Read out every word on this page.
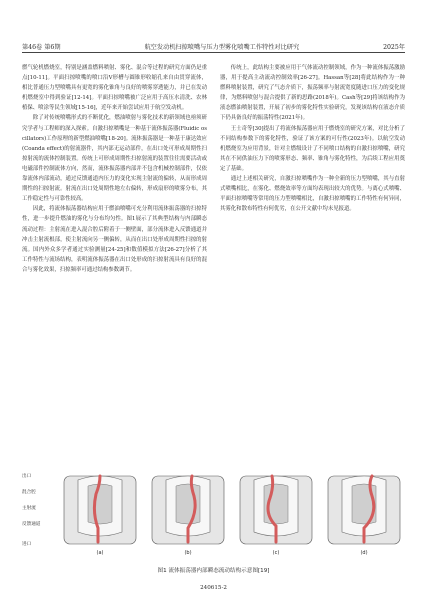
第46卷 第6期	航空发动机扫掠喷嘴与压力型雾化喷嘴工作特性对比研究	2025年

燃气轮机燃烧室，特别是涵盖燃料喷射、雾化、混合等过程的研究方面仍是重点[10-11]。平面扫掠喷嘴的喷口沿V形槽与圆锥形收缩孔来自由贯穿流体，相比普通压力型喷嘴具有更宽的雾化锥角与良好的喷雾穿透能力，并已在发动机燃烧室中得到验证[12-14]。平面扫掠喷嘴被广泛应用于高压水清洗、农林植保、喷涂等民生领域[15-16]，近年来开始尝试应用于航空发动机。

除了对传统喷嘴形式的不断优化，燃油喷射与雾化技术的新领域也亟须研究学者与工程师的深入探索。自激扫掠喷嘴是一种基于流体振荡器(Fluidic oscillators)工作原理的新型燃油喷嘴[18-20]。流体振荡器是一种基于康达效应(Coanda effect)的射流器件，其内部无运动部件，在出口处可形成周期性扫掠射流的流体控制装置。传统上可形成周期性扫掠射流的装置往往需要活动或电磁部件控制流体方向，然而，流体振荡器内部并不包含机械控制部件，仅依靠流体内部流动，通过反馈通道内压力的变化实现主射流的偏转，从而形成周期性的扫掠射流。射流在出口处周期性地左右偏转，形成扇形的喷雾分布，其工作稳定性与可靠性较高。

因此，将流体振荡器结构应用于燃油喷嘴可充分利用流体振荡器的扫掠特性，进一步提升燃油的雾化与分布均匀性。图1展示了其典型结构与内部瞬态流动过程：主射流在进入混合腔后附着于一侧壁面，部分流体进入反馈通道并冲击主射流根部，使主射流向另一侧偏转，从而在出口处形成周期性扫掠的射流。国内外众多学者通过实验测量[24-25]和数值模拟方法[26-27]分析了其工作特性与流场结构，表明流体振荡器在出口处形成的扫掠射流具有良好的混合与雾化效果，扫掠频率可通过结构参数调节。

传统上，此结构主要被应用于气体流动控制领域，作为一种流体振荡激励器，用于提高主动流动控制效率[26-27]。Hassan等[28]将此结构作为一种燃料喷射装置，研究了气态介质下，振荡频率与射流宽度随进口压力的变化规律，为燃料喷射与混合提供了新的思路(2018年)。Cash等[29]将该结构作为液态燃油喷射装置，开展了初步的雾化特性实验研究，发现该结构在液态介质下仍具备良好的振荡特性(2021年)。

王士奇等[30]提出了将流体振荡器应用于燃烧室的研究方案，对比分析了不同结构参数下的雾化特性，验证了该方案的可行性(2023年)。以航空发动机燃烧室为应用背景，针对主燃级设计了不同喷口结构的自激扫掠喷嘴，研究其在不同供油压力下的喷雾形态、频率、锥角与雾化特性，为后续工程应用奠定了基础。

通过上述相关研究，自激扫掠喷嘴作为一种全新的压力型喷嘴，其与直射式喷嘴相比，在雾化、燃烧效率等方面均表现出较大的优势。与离心式喷嘴、平面扫掠喷嘴等常用的压力型喷嘴相比，自激扫掠喷嘴的工作特性有何异同，其雾化和散布特性有何优劣，在公开文献中均未见报道。

出口
混合腔
主射流
反馈通道
进口
(a)	(b)	(c)	(d)
图1 流体振荡器内部瞬态流动结构示意图[19]
240615-2
